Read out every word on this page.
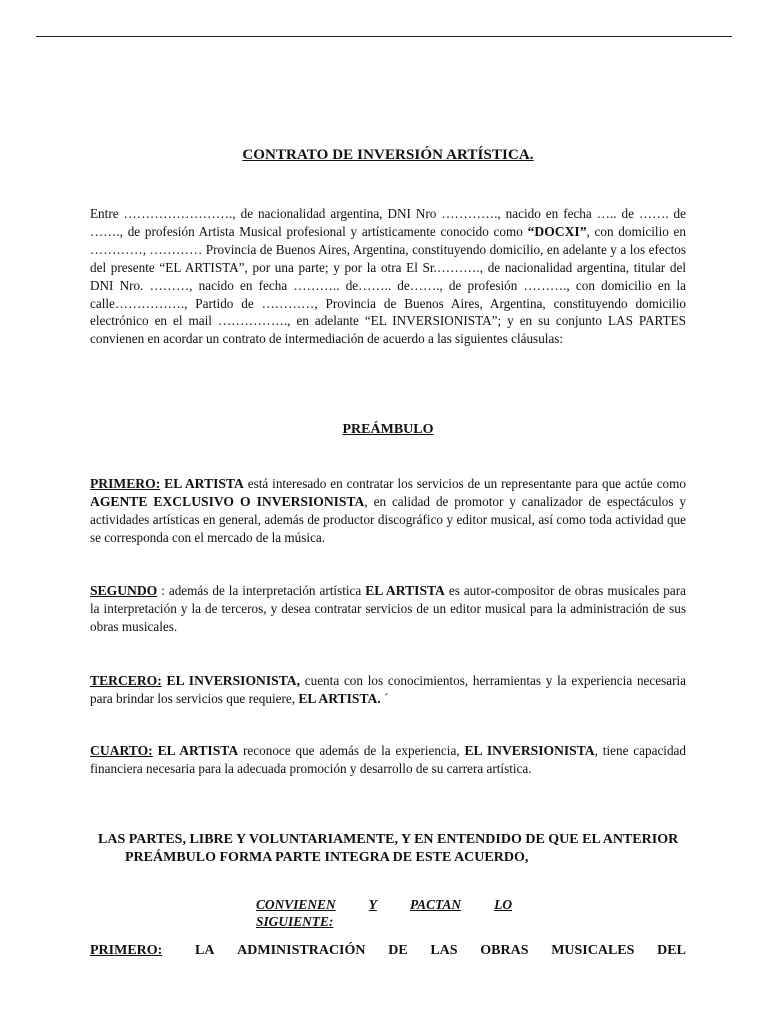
CONTRATO DE INVERSIÓN ARTÍSTICA.
Entre ……………………., de nacionalidad argentina, DNI Nro …………., nacido en fecha ….. de ……. de ……., de profesión Artista Musical profesional y artísticamente conocido como “DOCXI”, con domicilio en …………, ………… Provincia de Buenos Aires, Argentina, constituyendo domicilio, en adelante y a los efectos del presente “EL ARTISTA”, por una parte; y por la otra El Sr.………., de nacionalidad argentina, titular del DNI Nro. ………, nacido en fecha ……….. de…….. de……., de profesión ………., con domicilio en la calle……………., Partido de …………, Provincia de Buenos Aires, Argentina, constituyendo domicilio electrónico en el mail ……………., en adelante “EL INVERSIONISTA”; y en su conjunto LAS PARTES convienen en acordar un contrato de intermediación de acuerdo a las siguientes cláusulas:
PREÁMBULO
PRIMERO: EL ARTISTA está interesado en contratar los servicios de un representante para que actúe como AGENTE EXCLUSIVO O INVERSIONISTA, en calidad de promotor y canalizador de espectáculos y actividades artísticas en general, además de productor discográfico y editor musical, así como toda actividad que se corresponda con el mercado de la música.
SEGUNDO : además de la interpretación artística EL ARTISTA es autor-compositor de obras musicales para la interpretación y la de terceros, y desea contratar servicios de un editor musical para la administración de sus obras musicales.
TERCERO: EL INVERSIONISTA, cuenta con los conocimientos, herramientas y la experiencia necesaria para brindar los servicios que requiere, EL ARTISTA. ´
CUARTO: EL ARTISTA reconoce que además de la experiencia, EL INVERSIONISTA, tiene capacidad financiera necesaria para la adecuada promoción y desarrollo de su carrera artística.
LAS PARTES, LIBRE Y VOLUNTARIAMENTE, Y EN ENTENDIDO DE QUE EL ANTERIOR
PREÁMBULO FORMA PARTE INTEGRA DE ESTE ACUERDO,
CONVIENEN Y PACTAN LO
SIGUIENTE:
PRIMERO:	LA ADMINISTRACIÓN DE LAS OBRAS MUSICALES DEL
